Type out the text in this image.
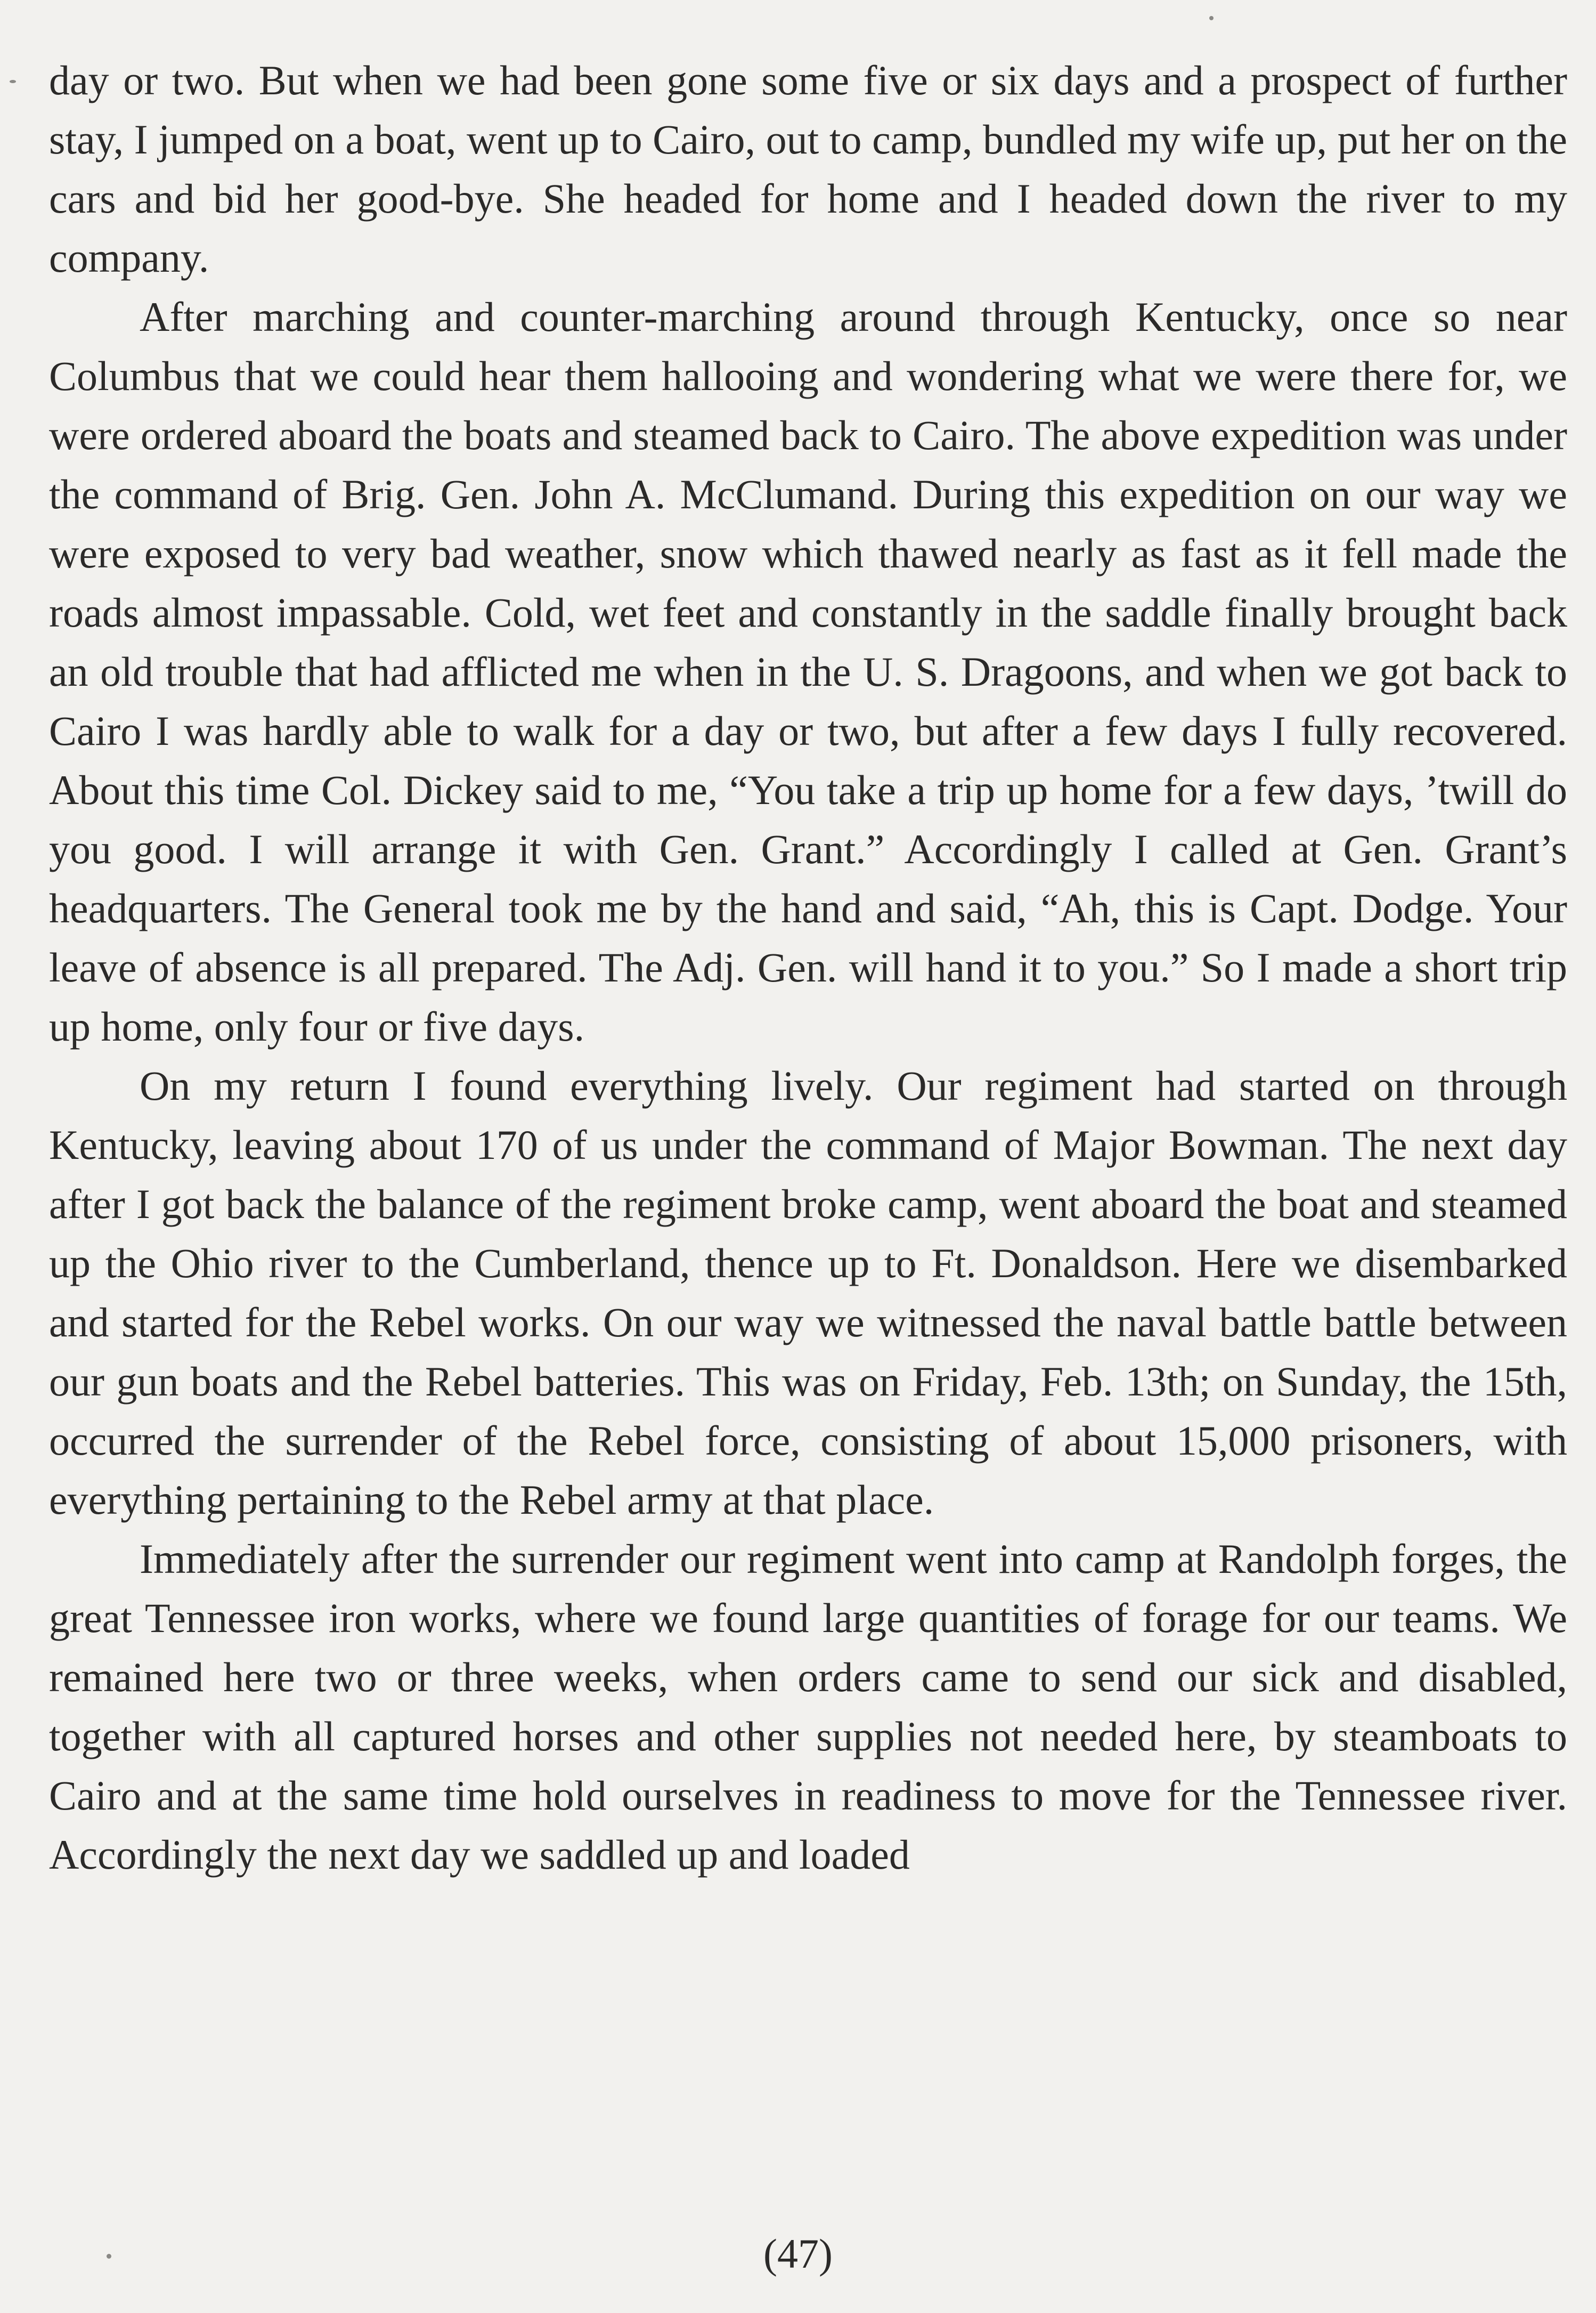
day or two. But when we had been gone some five or six days and a prospect of further stay, I jumped on a boat, went up to Cairo, out to camp, bundled my wife up, put her on the cars and bid her good-bye. She headed for home and I headed down the river to my company.

After marching and counter-marching around through Kentucky, once so near Columbus that we could hear them hallooing and wondering what we were there for, we were ordered aboard the boats and steamed back to Cairo. The above expedition was under the command of Brig. Gen. John A. McClumand. During this expedition on our way we were exposed to very bad weather, snow which thawed nearly as fast as it fell made the roads almost impassable. Cold, wet feet and constantly in the saddle finally brought back an old trouble that had afflicted me when in the U. S. Dragoons, and when we got back to Cairo I was hardly able to walk for a day or two, but after a few days I fully recovered. About this time Col. Dickey said to me, “You take a trip up home for a few days, ’twill do you good. I will arrange it with Gen. Grant.” Accordingly I called at Gen. Grant’s headquarters. The General took me by the hand and said, “Ah, this is Capt. Dodge. Your leave of absence is all prepared. The Adj. Gen. will hand it to you.” So I made a short trip up home, only four or five days.

On my return I found everything lively. Our regiment had started on through Kentucky, leaving about 170 of us under the command of Major Bowman. The next day after I got back the balance of the regiment broke camp, went aboard the boat and steamed up the Ohio river to the Cumberland, thence up to Ft. Donaldson. Here we disembarked and started for the Rebel works. On our way we witnessed the naval battle battle between our gun boats and the Rebel batteries. This was on Friday, Feb. 13th; on Sunday, the 15th, occurred the surrender of the Rebel force, consisting of about 15,000 prisoners, with everything pertaining to the Rebel army at that place.

Immediately after the surrender our regiment went into camp at Randolph forges, the great Tennessee iron works, where we found large quantities of forage for our teams. We remained here two or three weeks, when orders came to send our sick and disabled, together with all captured horses and other supplies not needed here, by steamboats to Cairo and at the same time hold ourselves in readiness to move for the Tennessee river. Accordingly the next day we saddled up and loaded

(47)
